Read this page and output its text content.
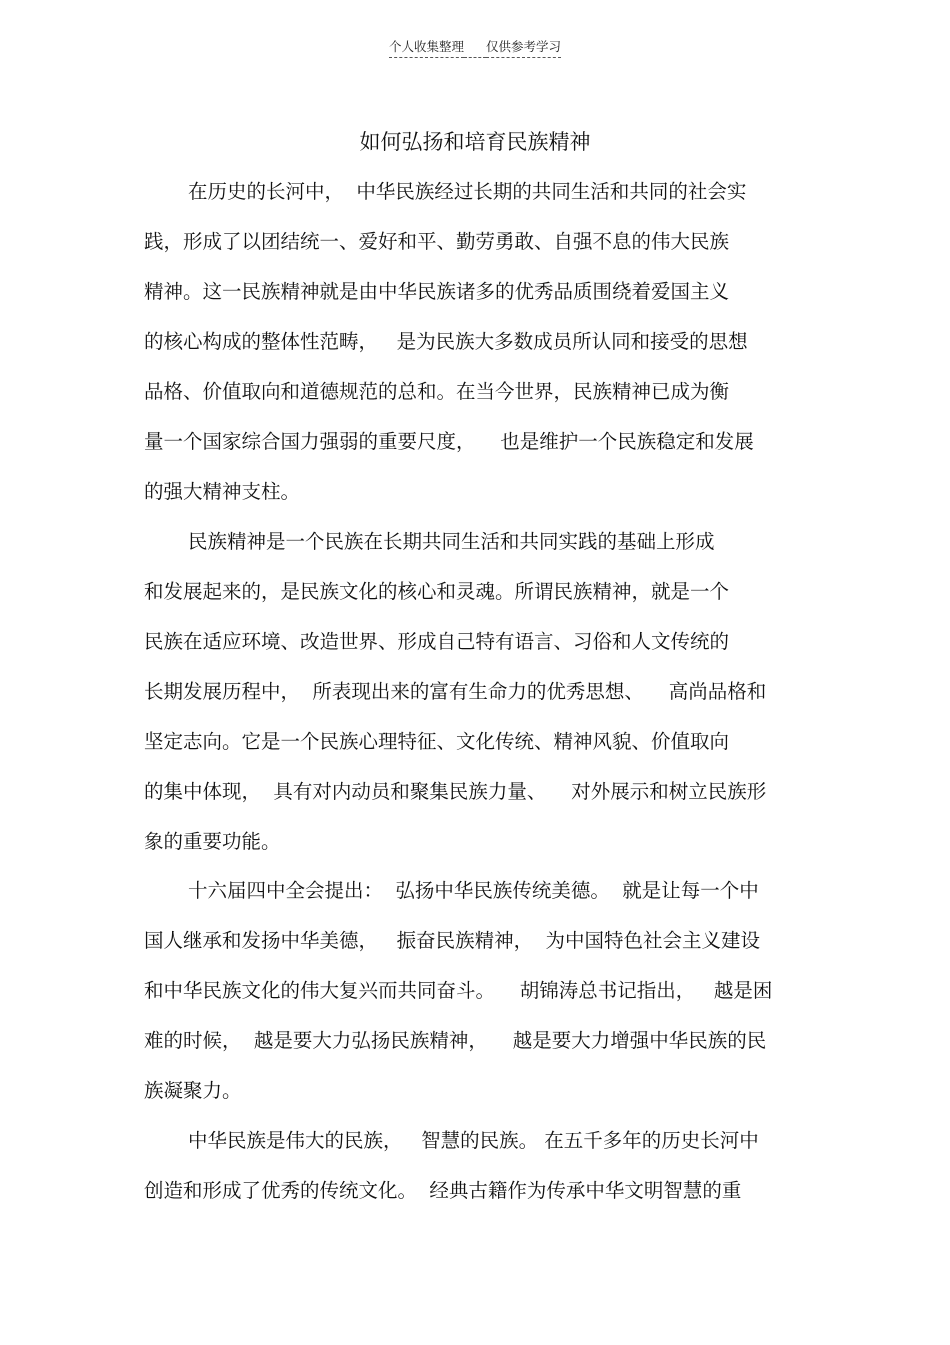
个人收集整理 仅供参考学习
如何弘扬和培育民族精神
在历史的长河中，  中华民族经过长期的共同生活和共同的社会实
践，形成了以团结统一、爱好和平、勤劳勇敢、自强不息的伟大民族
精神。这一民族精神就是由中华民族诸多的优秀品质围绕着爱国主义
的核心构成的整体性范畴，   是为民族大多数成员所认同和接受的思想
品格、价值取向和道德规范的总和。在当今世界，民族精神已成为衡
量一个国家综合国力强弱的重要尺度，    也是维护一个民族稳定和发展
的强大精神支柱。
民族精神是一个民族在长期共同生活和共同实践的基础上形成
和发展起来的，是民族文化的核心和灵魂。所谓民族精神，就是一个
民族在适应环境、改造世界、形成自己特有语言、习俗和人文传统的
长期发展历程中，  所表现出来的富有生命力的优秀思想、    高尚品格和
坚定志向。它是一个民族心理特征、文化传统、精神风貌、价值取向
的集中体现，  具有对内动员和聚集民族力量、    对外展示和树立民族形
象的重要功能。
十六届四中全会提出：  弘扬中华民族传统美德。  就是让每一个中
国人继承和发扬中华美德，   振奋民族精神，  为中国特色社会主义建设
和中华民族文化的伟大复兴而共同奋斗。    胡锦涛总书记指出，   越是困
难的时候，  越是要大力弘扬民族精神，    越是要大力增强中华民族的民
族凝聚力。
中华民族是伟大的民族，   智慧的民族。 在五千多年的历史长河中
创造和形成了优秀的传统文化。  经典古籍作为传承中华文明智慧的重
